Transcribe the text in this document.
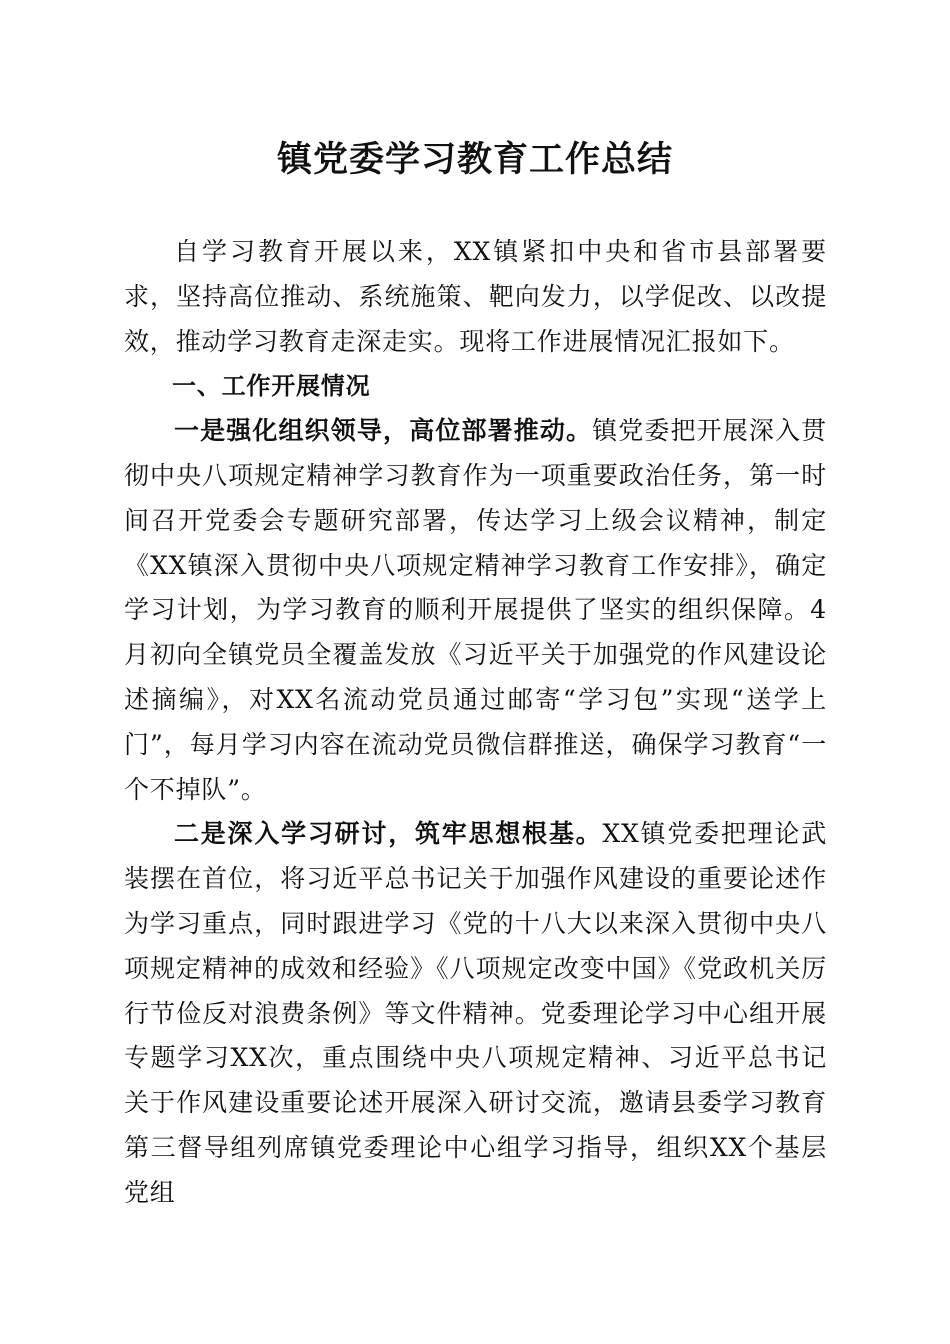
镇党委学习教育工作总结

自学习教育开展以来，XX镇紧扣中央和省市县部署要求，坚持高位推动、系统施策、靶向发力，以学促改、以改提效，推动学习教育走深走实。现将工作进展情况汇报如下。

一、工作开展情况

一是强化组织领导，高位部署推动。镇党委把开展深入贯彻中央八项规定精神学习教育作为一项重要政治任务，第一时间召开党委会专题研究部署，传达学习上级会议精神，制定《XX镇深入贯彻中央八项规定精神学习教育工作安排》，确定学习计划，为学习教育的顺利开展提供了坚实的组织保障。4月初向全镇党员全覆盖发放《习近平关于加强党的作风建设论述摘编》，对XX名流动党员通过邮寄“学习包”实现“送学上门”，每月学习内容在流动党员微信群推送，确保学习教育“一个不掉队”。

二是深入学习研讨，筑牢思想根基。XX镇党委把理论武装摆在首位，将习近平总书记关于加强作风建设的重要论述作为学习重点，同时跟进学习《党的十八大以来深入贯彻中央八项规定精神的成效和经验》《八项规定改变中国》《党政机关厉行节俭反对浪费条例》等文件精神。党委理论学习中心组开展专题学习XX次，重点围绕中央八项规定精神、习近平总书记关于作风建设重要论述开展深入研讨交流，邀请县委学习教育第三督导组列席镇党委理论中心组学习指导，组织XX个基层党组
